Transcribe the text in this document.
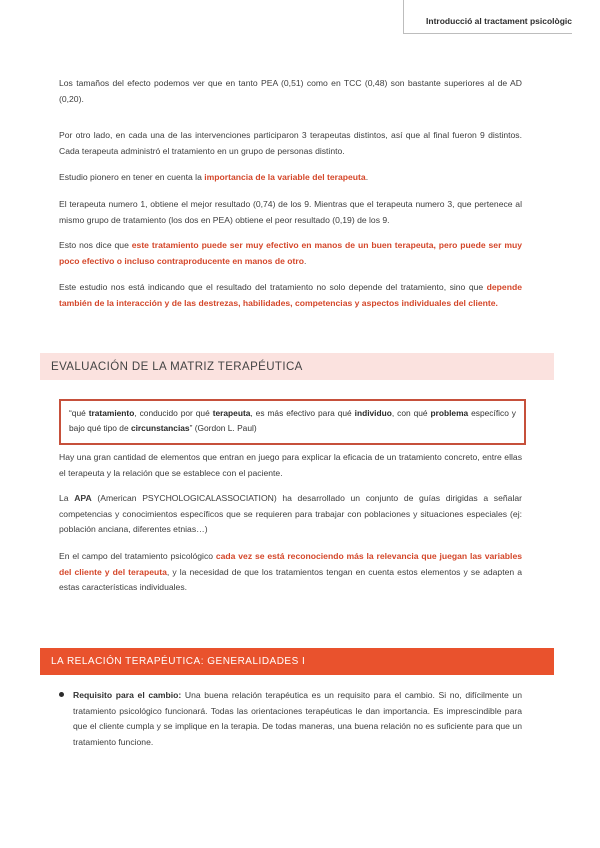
Introducció al tractament psicològic

Los tamaños del efecto podemos ver que en tanto PEA (0,51) como en TCC (0,48) son bastante superiores al de AD (0,20).

Por otro lado, en cada una de las intervenciones participaron 3 terapeutas distintos, así que al final fueron 9 distintos. Cada terapeuta administró el tratamiento en un grupo de personas distinto.

Estudio pionero en tener en cuenta la importancia de la variable del terapeuta.

El terapeuta numero 1, obtiene el mejor resultado (0,74) de los 9. Mientras que el terapeuta numero 3, que pertenece al mismo grupo de tratamiento (los dos en PEA) obtiene el peor resultado (0,19) de los 9.

Esto nos dice que este tratamiento puede ser muy efectivo en manos de un buen terapeuta, pero puede ser muy poco efectivo o incluso contraproducente en manos de otro.

Este estudio nos está indicando que el resultado del tratamiento no solo depende del tratamiento, sino que depende también de la interacción y de las destrezas, habilidades, competencias y aspectos individuales del cliente.

EVALUACIÓN DE LA MATRIZ TERAPÉUTICA

“qué tratamiento, conducido por qué terapeuta, es más efectivo para qué individuo, con qué problema específico y bajo qué tipo de circunstancias” (Gordon L. Paul)

Hay una gran cantidad de elementos que entran en juego para explicar la eficacia de un tratamiento concreto, entre ellas el terapeuta y la relación que se establece con el paciente.

La APA (American PSYCHOLOGICALASSOCIATION) ha desarrollado un conjunto de guías dirigidas a señalar competencias y conocimientos específicos que se requieren para trabajar con poblaciones y situaciones especiales (ej: población anciana, diferentes etnias…)

En el campo del tratamiento psicológico cada vez se está reconociendo más la relevancia que juegan las variables del cliente y del terapeuta, y la necesidad de que los tratamientos tengan en cuenta estos elementos y se adapten a estas características individuales.

LA RELACIÓN TERAPÉUTICA: GENERALIDADES I

Requisito para el cambio: Una buena relación terapéutica es un requisito para el cambio. Si no, difícilmente un tratamiento psicológico funcionará. Todas las orientaciones terapéuticas le dan importancia. Es imprescindible para que el cliente cumpla y se implique en la terapia. De todas maneras, una buena relación no es suficiente para que un tratamiento funcione.
